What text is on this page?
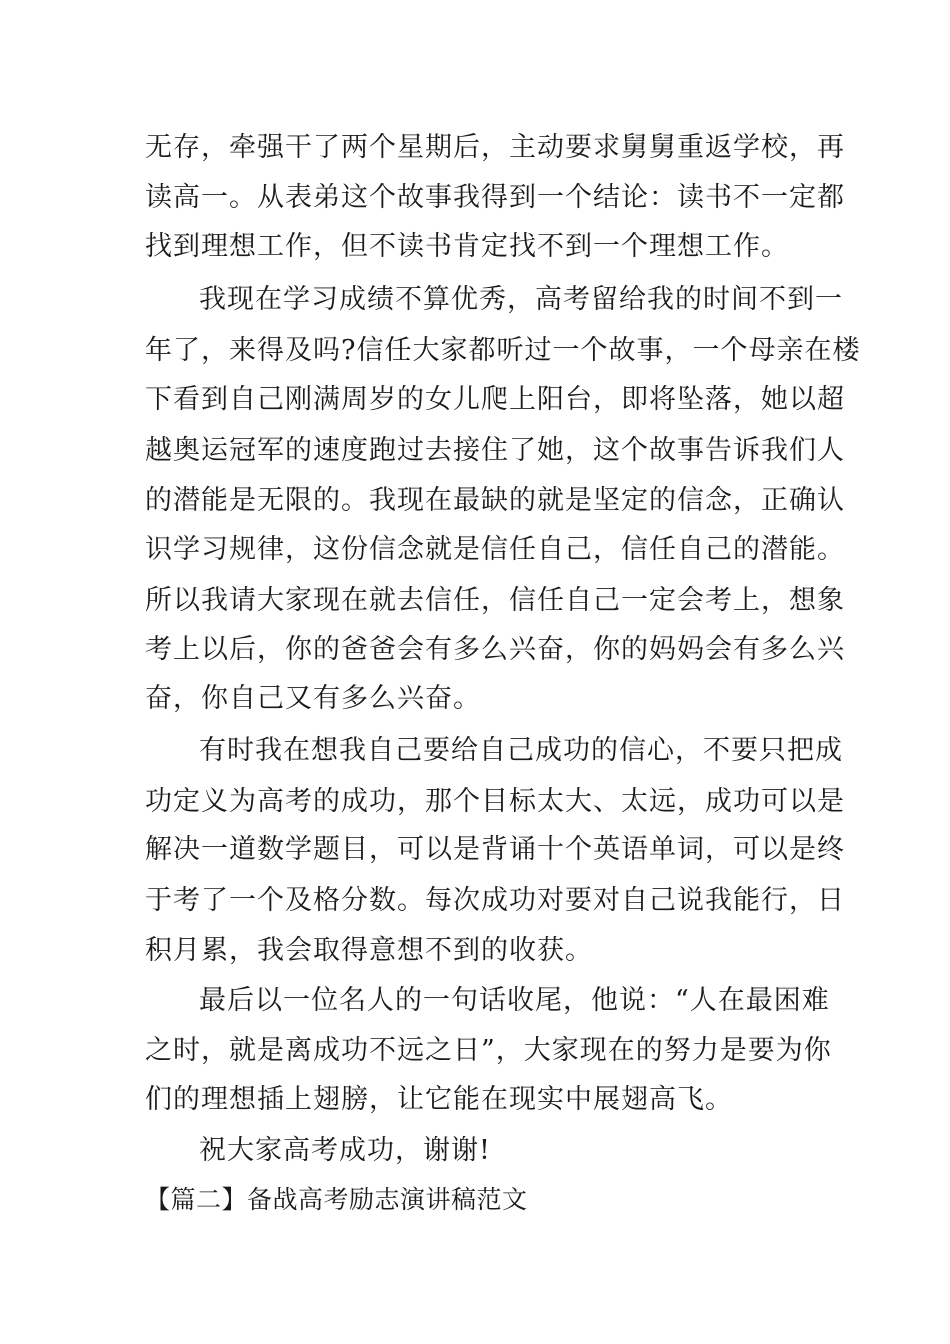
无存，牵强干了两个星期后，主动要求舅舅重返学校，再
读高一。从表弟这个故事我得到一个结论：读书不一定都
找到理想工作，但不读书肯定找不到一个理想工作。
我现在学习成绩不算优秀，高考留给我的时间不到一
年了，来得及吗?信任大家都听过一个故事，一个母亲在楼
下看到自己刚满周岁的女儿爬上阳台，即将坠落，她以超
越奥运冠军的速度跑过去接住了她，这个故事告诉我们人
的潜能是无限的。我现在最缺的就是坚定的信念，正确认
识学习规律，这份信念就是信任自己，信任自己的潜能。
所以我请大家现在就去信任，信任自己一定会考上，想象
考上以后，你的爸爸会有多么兴奋，你的妈妈会有多么兴
奋，你自己又有多么兴奋。
有时我在想我自己要给自己成功的信心，不要只把成
功定义为高考的成功，那个目标太大、太远，成功可以是
解决一道数学题目，可以是背诵十个英语单词，可以是终
于考了一个及格分数。每次成功对要对自己说我能行，日
积月累，我会取得意想不到的收获。
最后以一位名人的一句话收尾，他说：“人在最困难
之时，就是离成功不远之日”，大家现在的努力是要为你
们的理想插上翅膀，让它能在现实中展翅高飞。
祝大家高考成功，谢谢!
【篇二】备战高考励志演讲稿范文
